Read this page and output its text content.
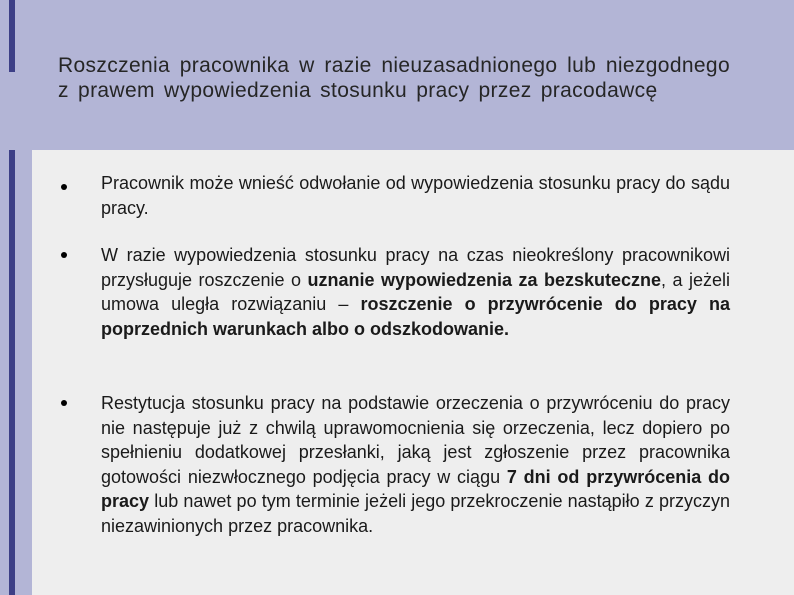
Roszczenia pracownika w razie nieuzasadnionego lub niezgodnego z prawem wypowiedzenia stosunku pracy przez pracodawcę
Pracownik może wnieść odwołanie od wypowiedzenia stosunku pracy do sądu pracy.
W razie wypowiedzenia stosunku pracy na czas nieokreślony pracownikowi przysługuje roszczenie o uznanie wypowiedzenia za bezskuteczne, a jeżeli umowa uległa rozwiązaniu – roszczenie o przywrócenie do pracy na poprzednich warunkach albo o odszkodowanie.
Restytucja stosunku pracy na podstawie orzeczenia o przywróceniu do pracy nie następuje już z chwilą uprawomocnienia się orzeczenia, lecz dopiero po spełnieniu dodatkowej przesłanki, jaką jest zgłoszenie przez pracownika gotowości niezwłocznego podjęcia pracy w ciągu 7 dni od przywrócenia do pracy lub nawet po tym terminie jeżeli jego przekroczenie nastąpiło z przyczyn niezawinionych przez pracownika.
